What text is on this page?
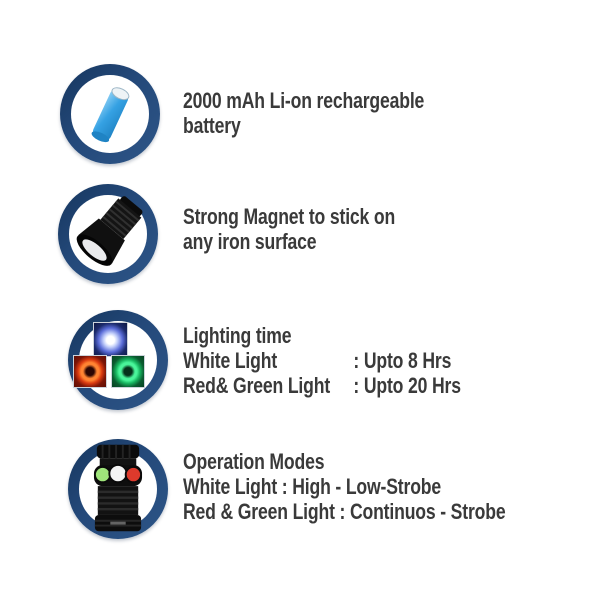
2000 mAh Li-on rechargeable
battery
Strong Magnet to stick on
any iron surface
Lighting time
White Light	: Upto 8 Hrs
Red& Green Light : Upto 20 Hrs
Operation Modes
White Light : High - Low-Strobe
Red & Green Light : Continuos - Strobe
